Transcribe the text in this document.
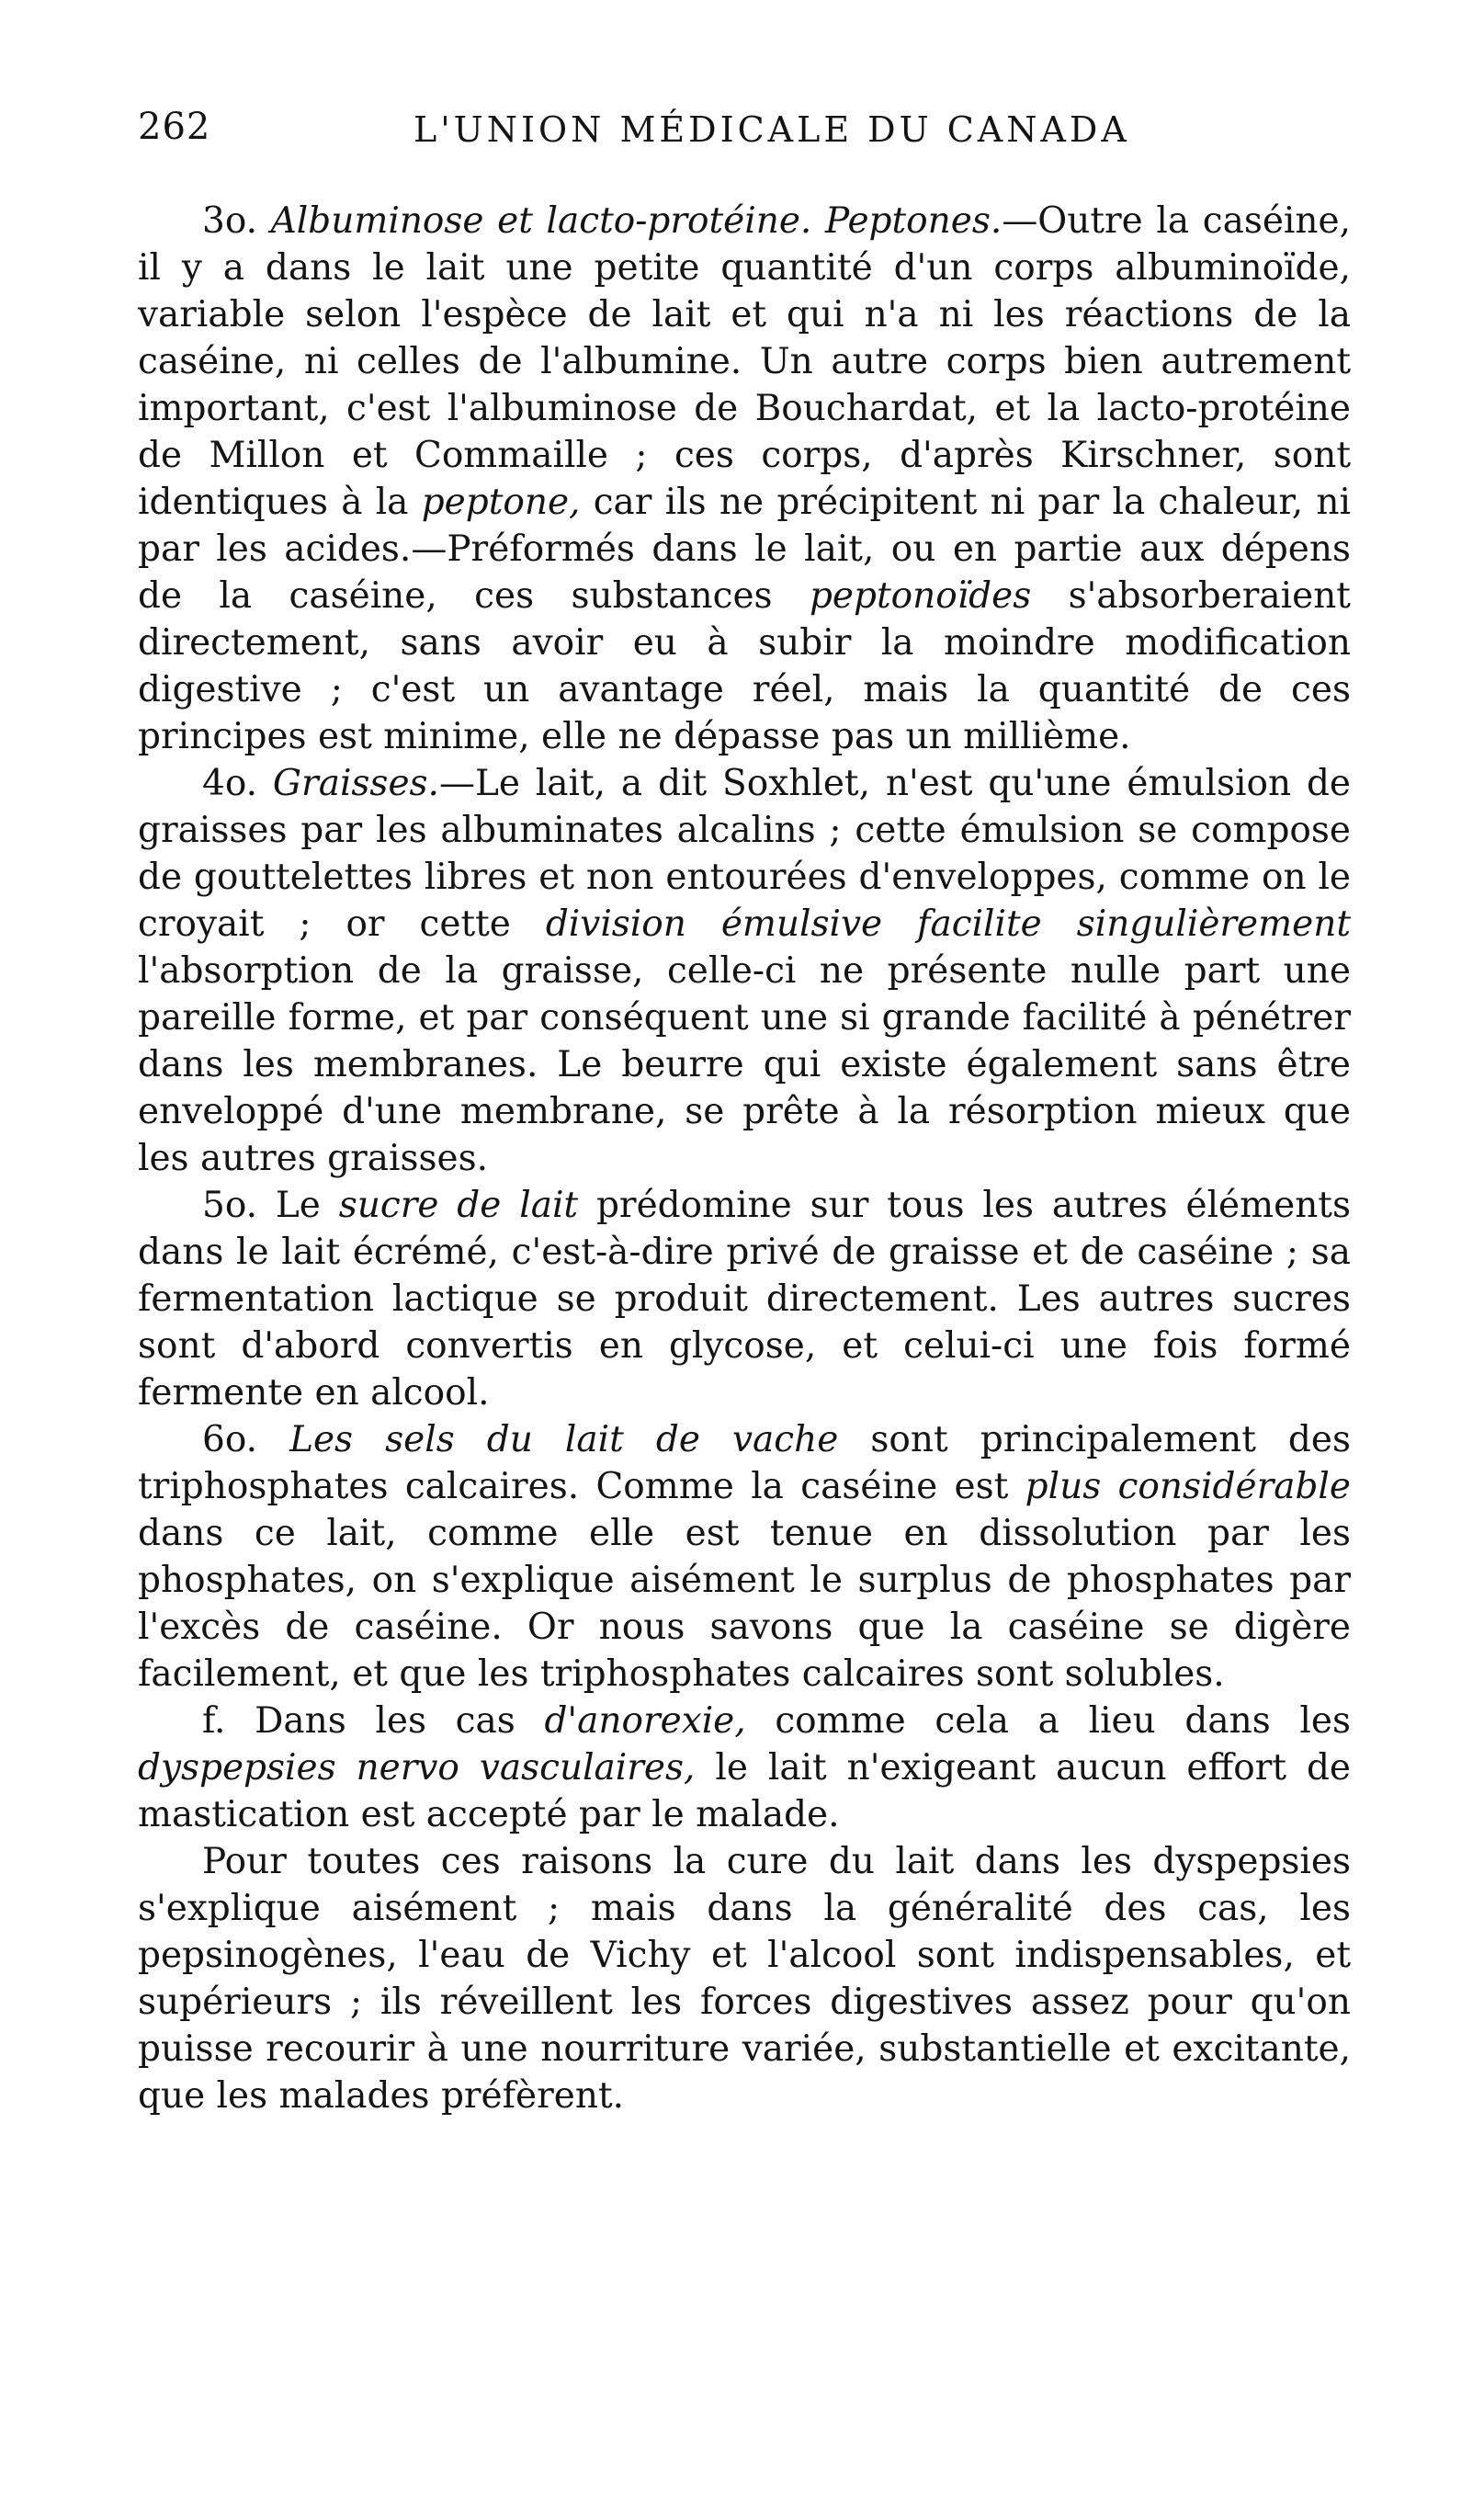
262	L'UNION MÉDICALE DU CANADA

3o. Albuminose et lacto-protéine. Peptones.—Outre la caséine, il y a dans le lait une petite quantité d'un corps albuminoïde, variable selon l'espèce de lait et qui n'a ni les réactions de la caséine, ni celles de l'albumine. Un autre corps bien autrement important, c'est l'albuminose de Bouchardat, et la lacto-protéine de Millon et Commaille ; ces corps, d'après Kirschner, sont identiques à la peptone, car ils ne précipitent ni par la chaleur, ni par les acides.—Préformés dans le lait, ou en partie aux dépens de la caséine, ces substances peptonoïdes s'absorberaient directement, sans avoir eu à subir la moindre modification digestive ; c'est un avantage réel, mais la quantité de ces principes est minime, elle ne dépasse pas un millième.

4o. Graisses.—Le lait, a dit Soxhlet, n'est qu'une émulsion de graisses par les albuminates alcalins ; cette émulsion se compose de gouttelettes libres et non entourées d'enveloppes, comme on le croyait ; or cette division émulsive facilite singulièrement l'absorption de la graisse, celle-ci ne présente nulle part une pareille forme, et par conséquent une si grande facilité à pénétrer dans les membranes. Le beurre qui existe également sans être enveloppé d'une membrane, se prête à la résorption mieux que les autres graisses.

5o. Le sucre de lait prédomine sur tous les autres éléments dans le lait écrémé, c'est-à-dire privé de graisse et de caséine ; sa fermentation lactique se produit directement. Les autres sucres sont d'abord convertis en glycose, et celui-ci une fois formé fermente en alcool.

6o. Les sels du lait de vache sont principalement des triphosphates calcaires. Comme la caséine est plus considérable dans ce lait, comme elle est tenue en dissolution par les phosphates, on s'explique aisément le surplus de phosphates par l'excès de caséine. Or nous savons que la caséine se digère facilement, et que les triphosphates calcaires sont solubles.

f. Dans les cas d'anorexie, comme cela a lieu dans les dyspepsies nervo vasculaires, le lait n'exigeant aucun effort de mastication est accepté par le malade.

Pour toutes ces raisons la cure du lait dans les dyspepsies s'explique aisément ; mais dans la généralité des cas, les pepsinogènes, l'eau de Vichy et l'alcool sont indispensables, et supérieurs ; ils réveillent les forces digestives assez pour qu'on puisse recourir à une nourriture variée, substantielle et excitante, que les malades préfèrent.
